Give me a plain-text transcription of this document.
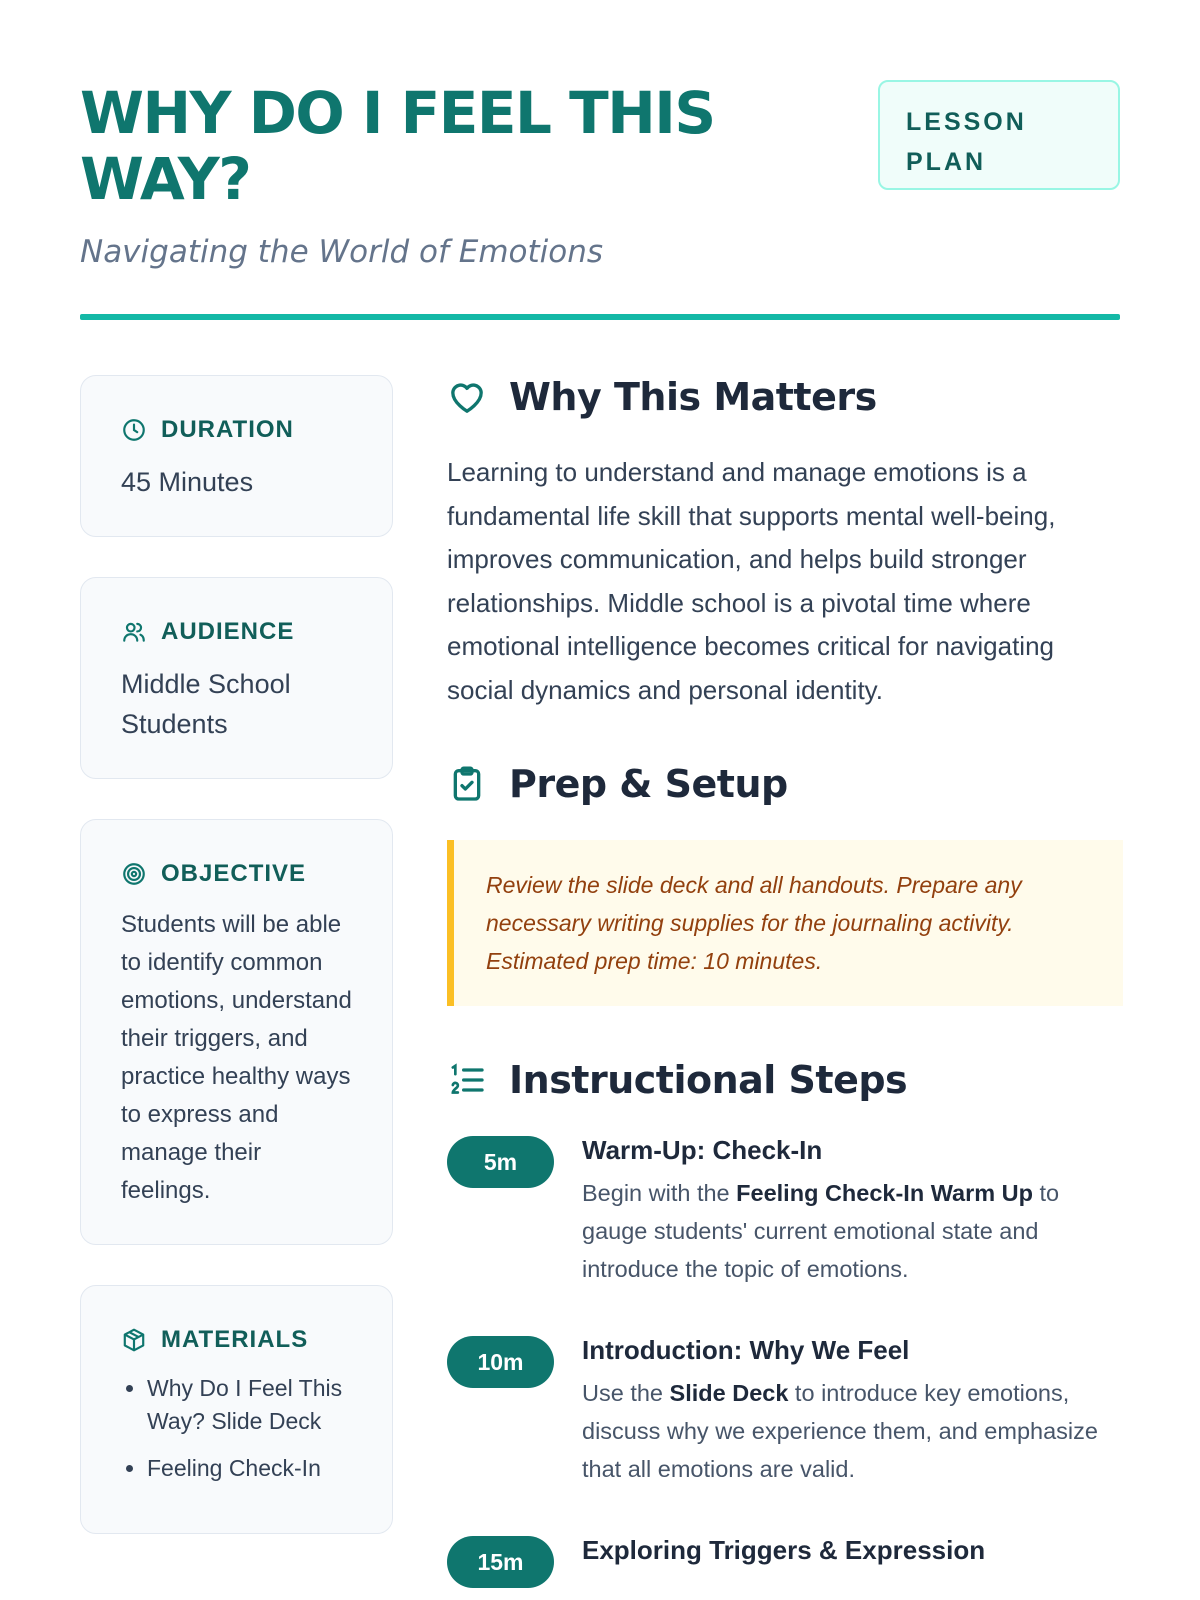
WHY DO I FEEL THIS WAY?
Navigating the World of Emotions
LESSON
PLAN
DURATION
45 Minutes
AUDIENCE
Middle School
Students
OBJECTIVE
Students will be able to identify common emotions, understand their triggers, and practice healthy ways to express and manage their feelings.
MATERIALS
• Why Do I Feel This Way? Slide Deck
• Feeling Check-In
Why This Matters

Learning to understand and manage emotions is a fundamental life skill that supports mental well-being, improves communication, and helps build stronger relationships. Middle school is a pivotal time where emotional intelligence becomes critical for navigating social dynamics and personal identity.

Prep & Setup
Review the slide deck and all handouts. Prepare any necessary writing supplies for the journaling activity. Estimated prep time: 10 minutes.
Instructional Steps
5m	Warm-Up: Check-In
Begin with the Feeling Check-In Warm Up to gauge students' current emotional state and introduce the topic of emotions.
10m	Introduction: Why We Feel
Use the Slide Deck to introduce key emotions, discuss why we experience them, and emphasize that all emotions are valid.
15m	Exploring Triggers & Expression
